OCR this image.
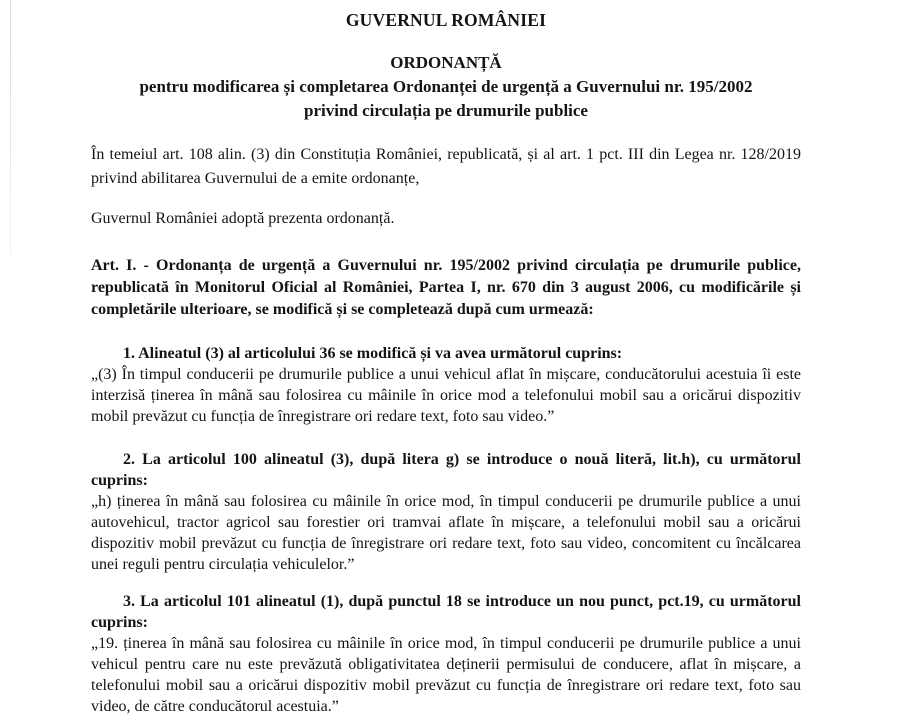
GUVERNUL ROMÂNIEI

ORDONANȚĂ

pentru modificarea și completarea Ordonanței de urgență a Guvernului nr. 195/2002

privind circulația pe drumurile publice

În temeiul art. 108 alin. (3) din Constituția României, republicată, și al art. 1 pct. III din Legea nr. 128/2019 privind abilitarea Guvernului de a emite ordonanțe,

Guvernul României adoptă prezenta ordonanță.

Art. I. - Ordonanța de urgență a Guvernului nr. 195/2002 privind circulația pe drumurile publice, republicată în Monitorul Oficial al României, Partea I, nr. 670 din 3 august 2006, cu modificările și completările ulterioare, se modifică și se completează după cum urmează:

1. Alineatul (3) al articolului 36 se modifică și va avea următorul cuprins:

„(3) În timpul conducerii pe drumurile publice a unui vehicul aflat în mișcare, conducătorului acestuia îi este interzisă ținerea în mână sau folosirea cu mâinile în orice mod a telefonului mobil sau a oricărui dispozitiv mobil prevăzut cu funcția de înregistrare ori redare text, foto sau video.”

2. La articolul 100 alineatul (3), după litera g) se introduce o nouă literă, lit.h), cu următorul cuprins:

„h) ținerea în mână sau folosirea cu mâinile în orice mod, în timpul conducerii pe drumurile publice a unui autovehicul, tractor agricol sau forestier ori tramvai aflate în mișcare, a telefonului mobil sau a oricărui dispozitiv mobil prevăzut cu funcția de înregistrare ori redare text, foto sau video, concomitent cu încălcarea unei reguli pentru circulația vehiculelor.”

3. La articolul 101 alineatul (1), după punctul 18 se introduce un nou punct, pct.19, cu următorul cuprins:

„19. ținerea în mână sau folosirea cu mâinile în orice mod, în timpul conducerii pe drumurile publice a unui vehicul pentru care nu este prevăzută obligativitatea deținerii permisului de conducere, aflat în mișcare, a telefonului mobil sau a oricărui dispozitiv mobil prevăzut cu funcția de înregistrare ori redare text, foto sau video, de către conducătorul acestuia.”
